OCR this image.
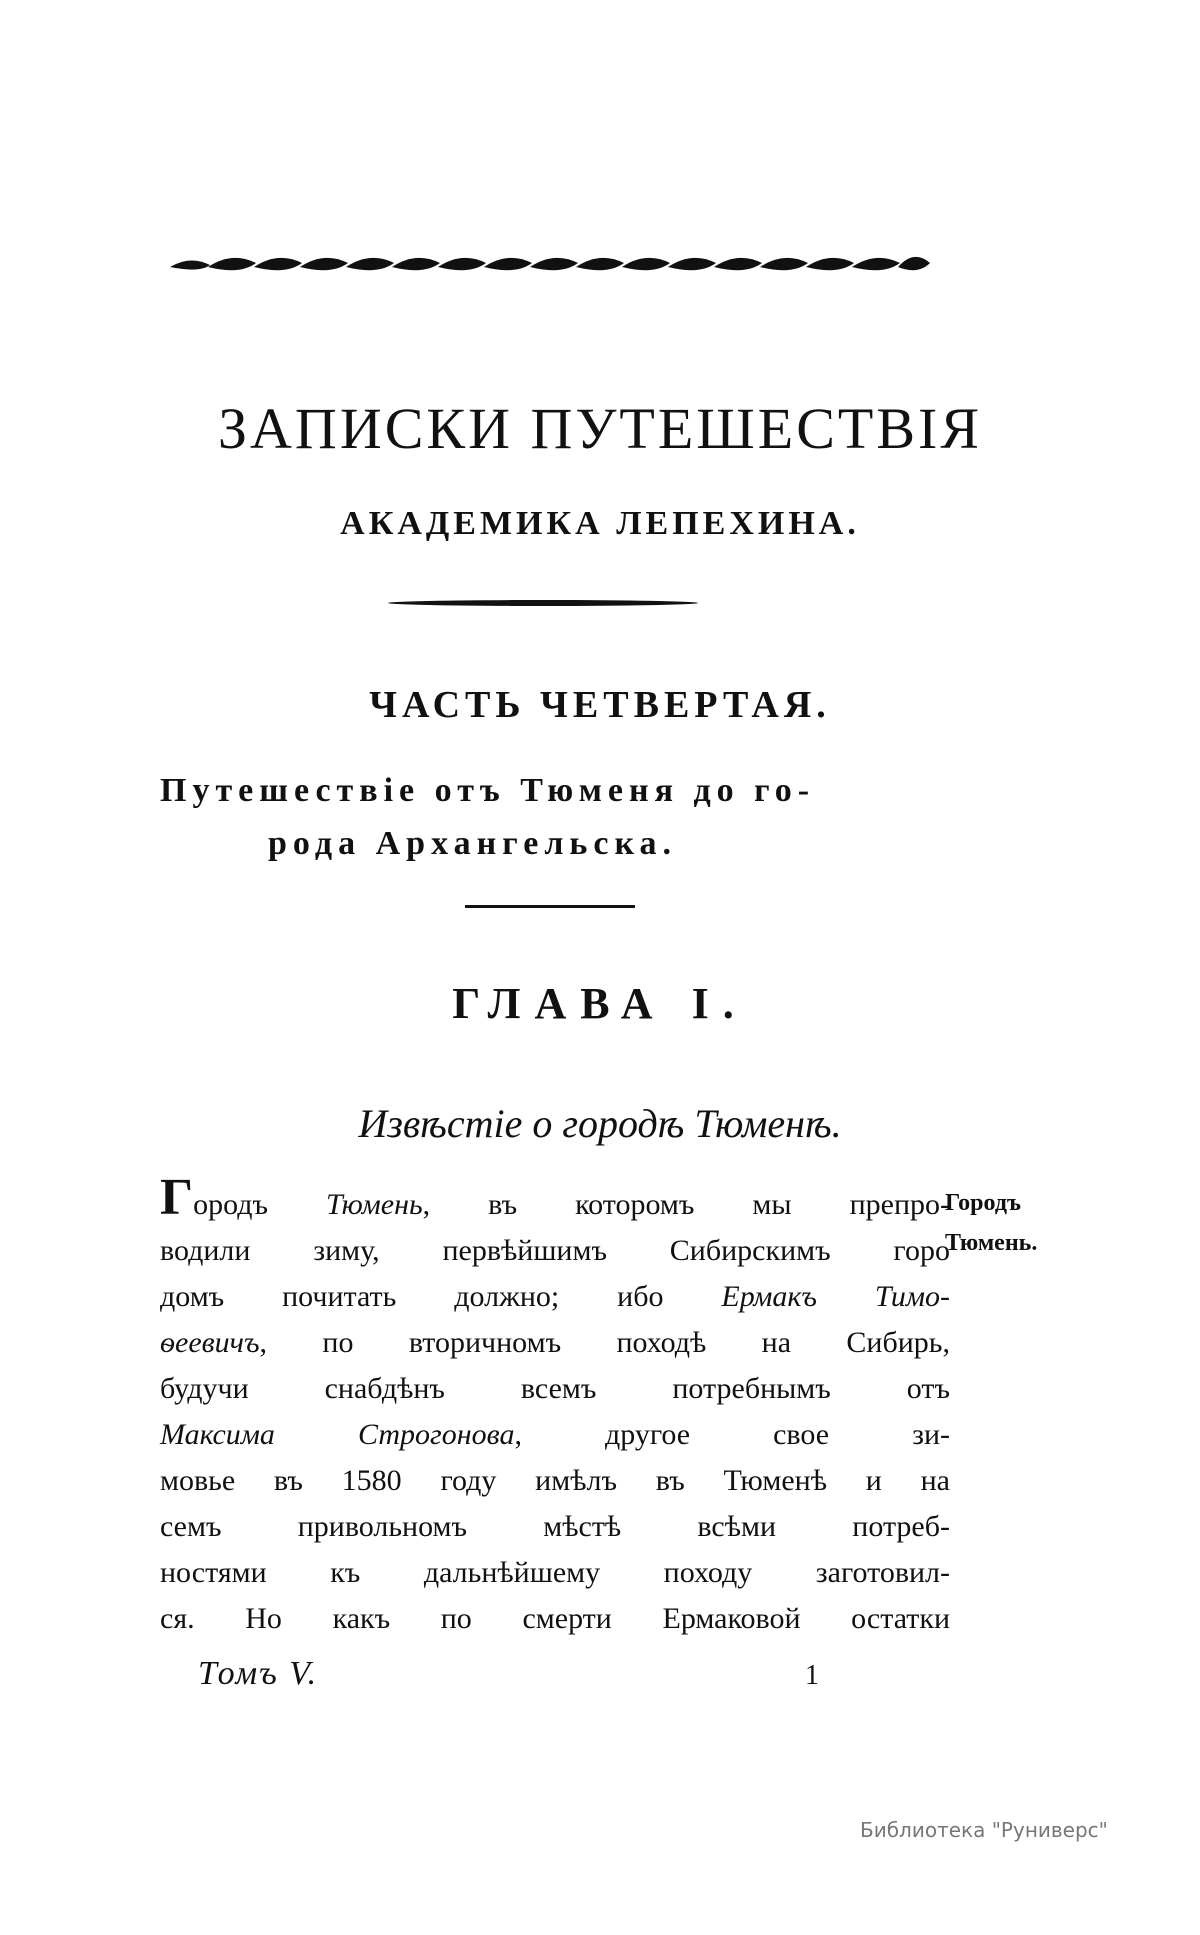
ЗАПИСКИ ПУТЕШЕСТВІЯ
АКАДЕМИКА ЛЕПЕХИНА.
ЧАСТЬ ЧЕТВЕРТАЯ.
Путешествіе отъ Тюменя до го-
рода Архангельска.
ГЛАВА І.
Извѣстіе о городѣ Тюменѣ.
Городъ Тюмень, въ которомъ мы препро-
водили зиму, первѣйшимъ Сибирскимъ горо
домъ почитать должно; ибо Ермакъ Тимо-
ѳеевичъ, по вторичномъ походѣ на Сибирь,
будучи снабдѣнъ всемъ потребнымъ отъ
Максима Строгонова, другое свое зи-
мовье въ 1580 году имѣлъ въ Тюменѣ и на
семъ привольномъ мѣстѣ всѣми потреб-
ностями къ дальнѣйшему походу заготовил-
ся. Но какъ по смерти Ермаковой остатки
Городъ
Тюмень.
Томъ V.	1
Библиотека "Руниверс"
